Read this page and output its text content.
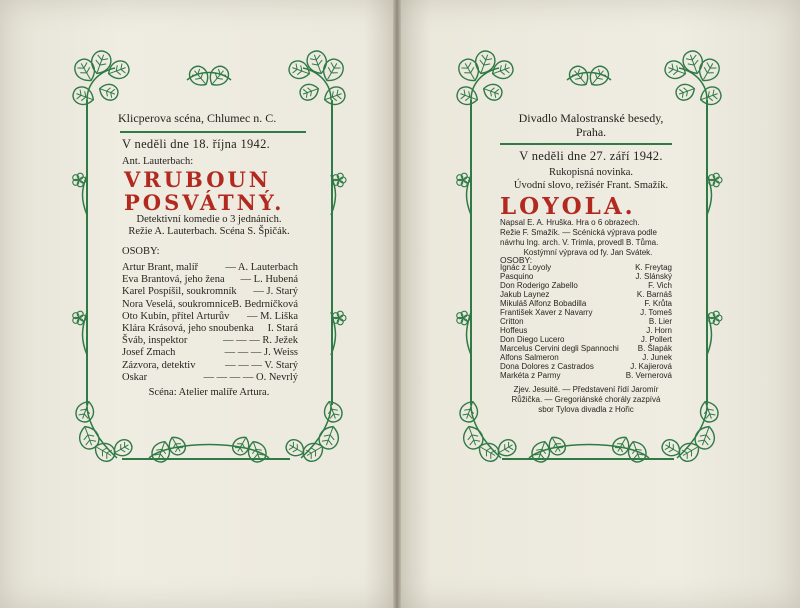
Klicperova scéna, Chlumec n. C.
V neděli dne 18. října 1942.
Ant. Lauterbach:
VRUBOUN
POSVÁTNÝ.
Detektivní komedie o 3 jednáních.
Režie A. Lauterbach. Scéna S. Špičák.
OSOBY:
Artur Brant, malíř	— A. Lauterbach
Eva Brantová, jeho žena — L. Hubená
Karel Pospíšil, soukromník — J. Starý
Nora Veselá, soukromnice B. Bedrníčková
Oto Kubín, přítel Arturův — M. Liška
Klára Krásová, jeho snoubenka I. Stará
Šváb, inspektor	— — — R. Ježek
Josef Zmach	— — — J. Weiss
Zázvora, detektiv	— — — V. Starý
Oskar	— — — — O. Nevrlý
Scéna: Atelier malíře Artura.
Divadlo Malostranské besedy,
Praha.
V neděli dne 27. září 1942.
Rukopisná novinka.
Úvodní slovo, režisér Frant. Smažík.
LOYOLA.
Napsal E. A. Hruška. Hra o 6 obrazech.
Režie F. Smažík. — Scénická výprava podle
návrhu Ing. arch. V. Trimla, provedl B. Tůma.
Kostýmní výprava od fy. Jan Svátek.
OSOBY:
Ignác z Loyoly	K. Freytag
Pasquino	J. Slánský
Don Roderigo Zabello	F. Vich
Jakub Laynez	K. Barnáš
Mikuláš Alfonz Bobadilla	F. Krůta
František Xaver z Navarry	J. Tomeš
Critton	B. Lier
Hoffeus	J. Horn
Don Diego Lucero	J. Pollert
Marcelus Cervini degli Spannochi B. Šlapák
Alfons Salmeron	J. Junek
Dona Dolores z Castrados	J. Kajierová
Markéta z Parmy	B. Vernerová
Zjev. Jesuité. — Představení řídí Jaromír
Růžička. — Gregoriánské chorály zazpívá
sbor Tylova divadla z Hořic
